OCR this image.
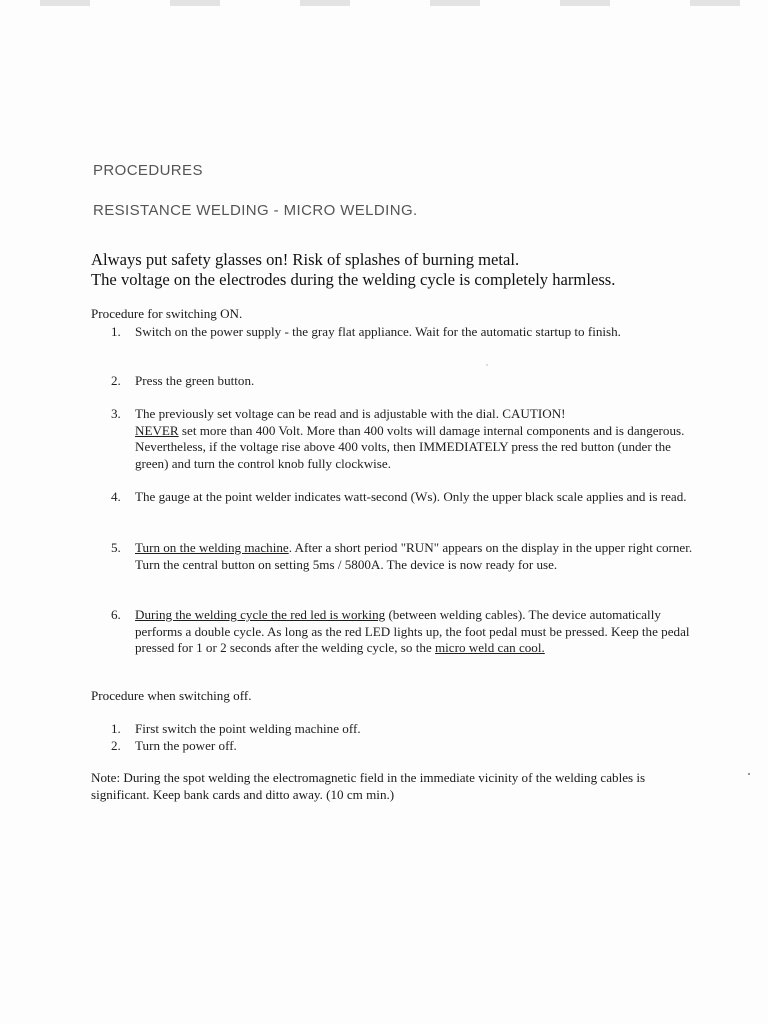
PROCEDURES
RESISTANCE WELDING - MICRO WELDING.
Always put safety glasses on! Risk of splashes of burning metal.
The voltage on the electrodes during the welding cycle is completely harmless.
Procedure for switching ON.
1.	Switch on the power supply - the gray flat appliance. Wait for the automatic startup to finish.
2.	Press the green button.
3.	The previously set voltage can be read and is adjustable with the dial. CAUTION!
NEVER set more than 400 Volt. More than 400 volts will damage internal components and is dangerous. Nevertheless, if the voltage rise above 400 volts, then IMMEDIATELY press the red button (under the green) and turn the control knob fully clockwise.
4.	The gauge at the point welder indicates watt-second (Ws). Only the upper black scale applies and is read.
5.	Turn on the welding machine. After a short period "RUN" appears on the display in the upper right corner. Turn the central button on setting 5ms / 5800A. The device is now ready for use.
6.	During the welding cycle the red led is working (between welding cables). The device automatically performs a double cycle. As long as the red LED lights up, the foot pedal must be pressed. Keep the pedal pressed for 1 or 2 seconds after the welding cycle, so the micro weld can cool.
Procedure when switching off.
1.	First switch the point welding machine off.
2.	Turn the power off.
Note: During the spot welding the electromagnetic field in the immediate vicinity of the welding cables is significant. Keep bank cards and ditto away. (10 cm min.)
